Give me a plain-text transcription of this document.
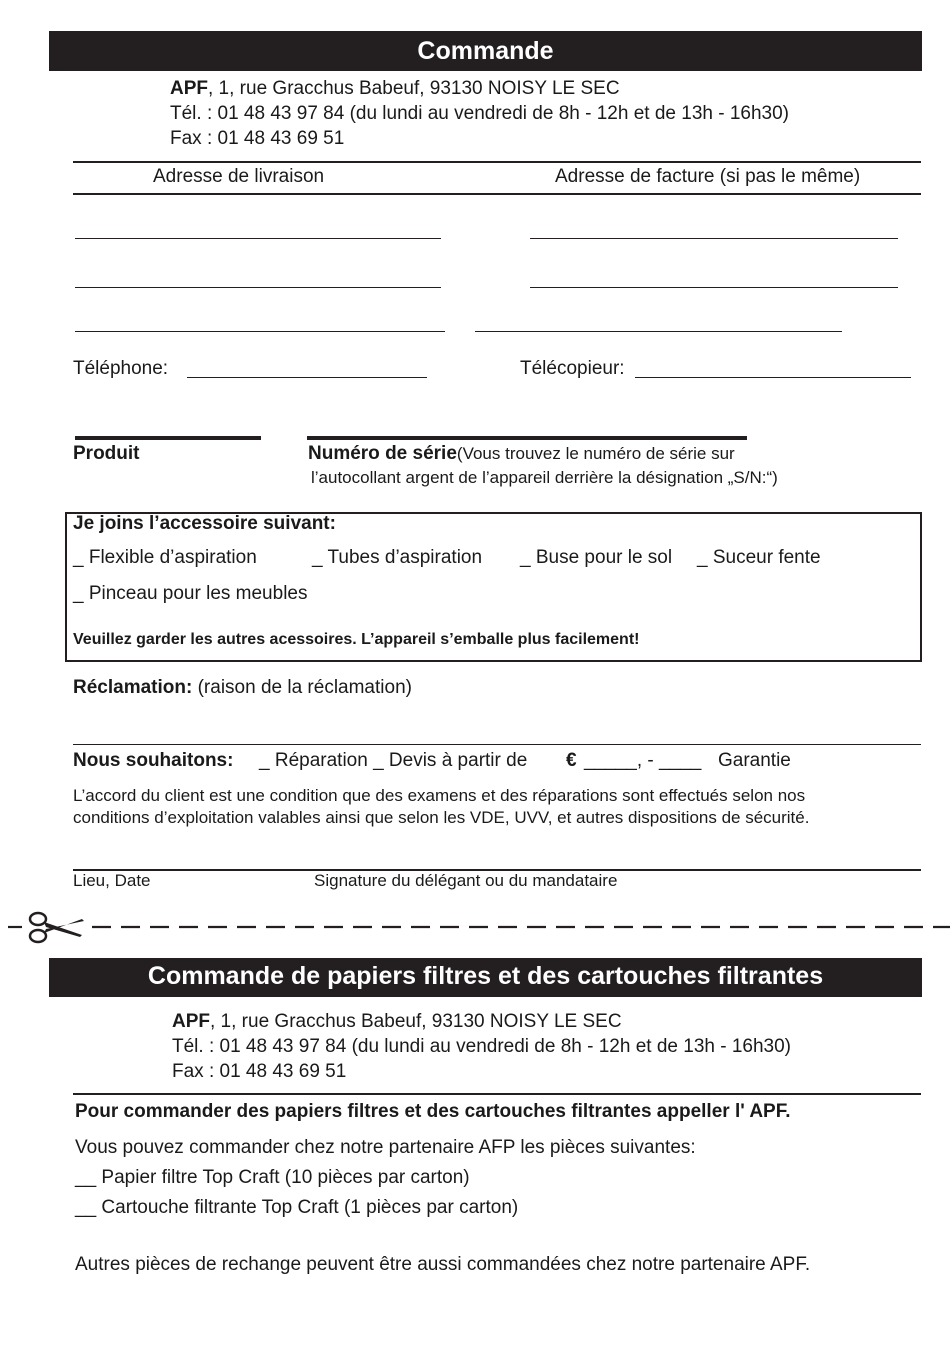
Commande
APF, 1, rue Gracchus Babeuf, 93130 NOISY LE SEC
Tél. : 01 48 43 97 84 (du lundi au vendredi de 8h - 12h et de 13h - 16h30)
Fax : 01 48 43 69 51
Adresse de livraison	Adresse de facture (si pas le même)
Téléphone:	Télécopieur:
Produit	Numéro de série(Vous trouvez le numéro de série sur
l’autocollant argent de l’appareil derrière la désignation „S/N:“)
Je joins l’accessoire suivant:
_ Flexible d’aspiration	_ Tubes d’aspiration _ Buse pour le sol _ Suceur fente
_ Pinceau pour les meubles
Veuillez garder les autres acessoires. L’appareil s’emballe plus facilement!
Réclamation: (raison de la réclamation)
Nous souhaitons: _ Réparation _ Devis à partir de € _____, - ____ Garantie
L’accord du client est une condition que des examens et des réparations sont effectués selon nos
conditions d’exploitation valables ainsi que selon les VDE, UVV, et autres dispositions de sécurité.
Lieu, Date	Signature du délégant ou du mandataire
Commande de papiers filtres et des cartouches filtrantes
APF, 1, rue Gracchus Babeuf, 93130 NOISY LE SEC
Tél. : 01 48 43 97 84 (du lundi au vendredi de 8h - 12h et de 13h - 16h30)
Fax : 01 48 43 69 51
Pour commander des papiers filtres et des cartouches filtrantes appeller l' APF.
Vous pouvez commander chez notre partenaire AFP les pièces suivantes:
__ Papier filtre Top Craft (10 pièces par carton)
__ Cartouche filtrante Top Craft (1 pièces par carton)
Autres pièces de rechange peuvent être aussi commandées chez notre partenaire APF.
